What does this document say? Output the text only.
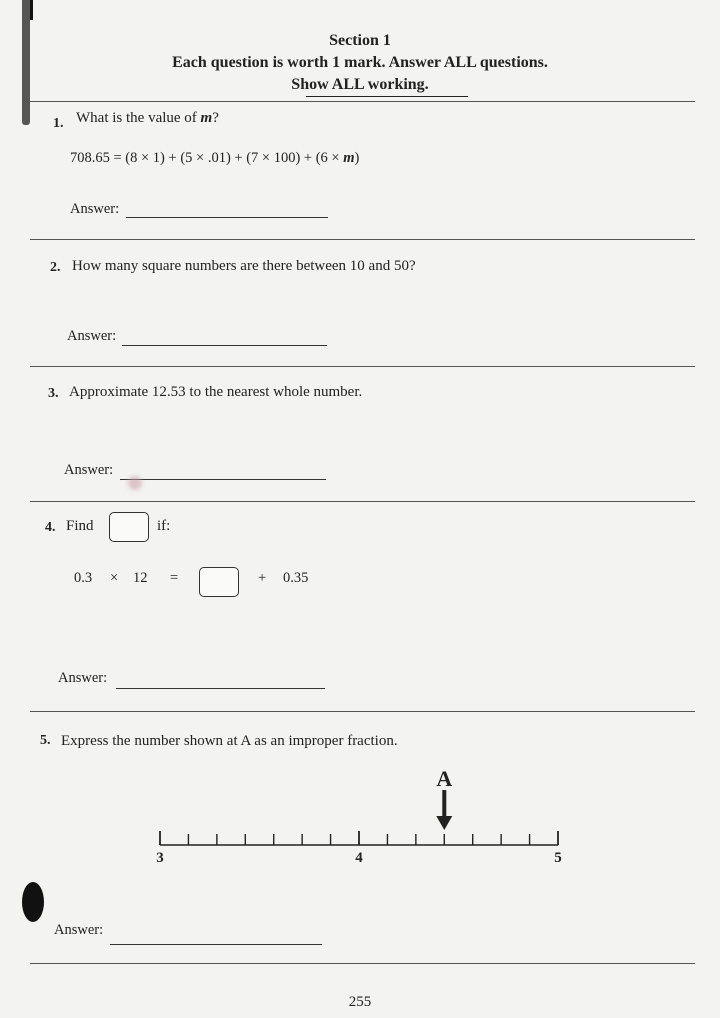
Section 1
Each question is worth 1 mark. Answer ALL questions.
Show ALL working.
1. What is the value of m?
708.65 = (8 × 1) + (5 × .01) + (7 × 100) + (6 × m)
Answer:
2. How many square numbers are there between 10 and 50?
Answer:
3. Approximate 12.53 to the nearest whole number.
Answer:
4. Find	if:
0.3 × 12 =	+ 0.35
Answer:
5. Express the number shown at A as an improper fraction.
A
3	4	5
Answer:
255
